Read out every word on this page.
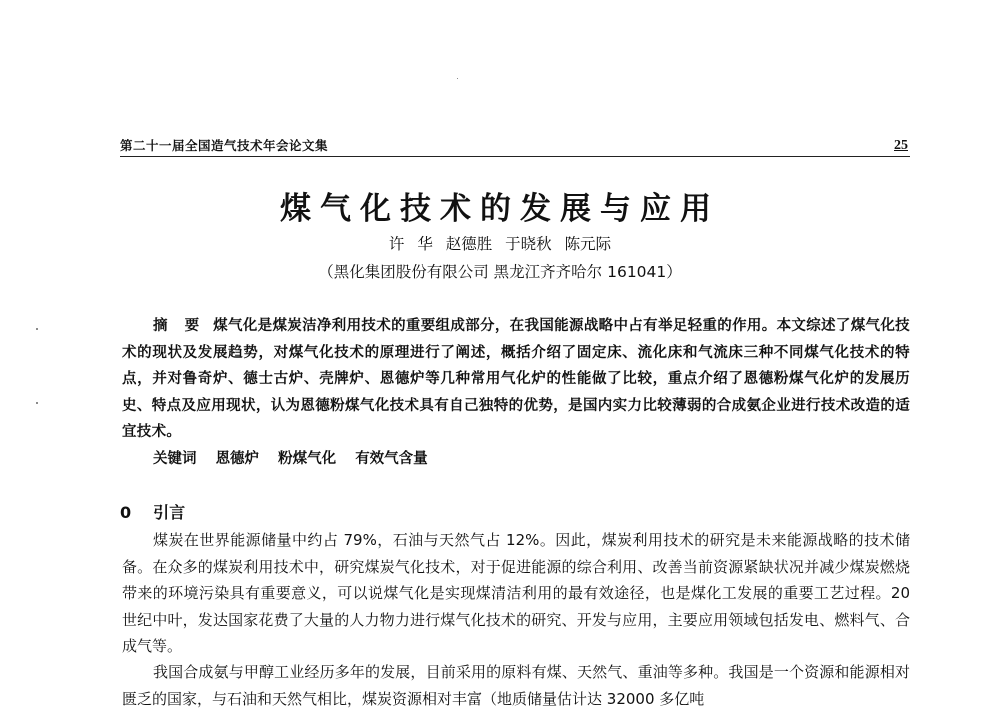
第二十一届全国造气技术年会论文集	25
煤气化技术的发展与应用
许 华 赵德胜 于晓秋 陈元际
（黑化集团股份有限公司 黑龙江齐齐哈尔 161041）

摘 要 煤气化是煤炭洁净利用技术的重要组成部分，在我国能源战略中占有举足轻重的作用。本文综述了煤气化技术的现状及发展趋势，对煤气化技术的原理进行了阐述，概括介绍了固定床、流化床和气流床三种不同煤气化技术的特点，并对鲁奇炉、德士古炉、壳牌炉、恩德炉等几种常用气化炉的性能做了比较，重点介绍了恩德粉煤气化炉的发展历史、特点及应用现状，认为恩德粉煤气化技术具有自己独特的优势，是国内实力比较薄弱的合成氨企业进行技术改造的适宜技术。

关键词 恩德炉 粉煤气化 有效气含量
0 引言

煤炭在世界能源储量中约占 79%，石油与天然气占 12%。因此，煤炭利用技术的研究是未来能源战略的技术储备。在众多的煤炭利用技术中，研究煤炭气化技术，对于促进能源的综合利用、改善当前资源紧缺状况并减少煤炭燃烧带来的环境污染具有重要意义，可以说煤气化是实现煤清洁利用的最有效途径，也是煤化工发展的重要工艺过程。20 世纪中叶，发达国家花费了大量的人力物力进行煤气化技术的研究、开发与应用，主要应用领域包括发电、燃料气、合成气等。

我国合成氨与甲醇工业经历多年的发展，目前采用的原料有煤、天然气、重油等多种。我国是一个资源和能源相对匮乏的国家，与石油和天然气相比，煤炭资源相对丰富（地质储量估计达 32000 多亿吨
